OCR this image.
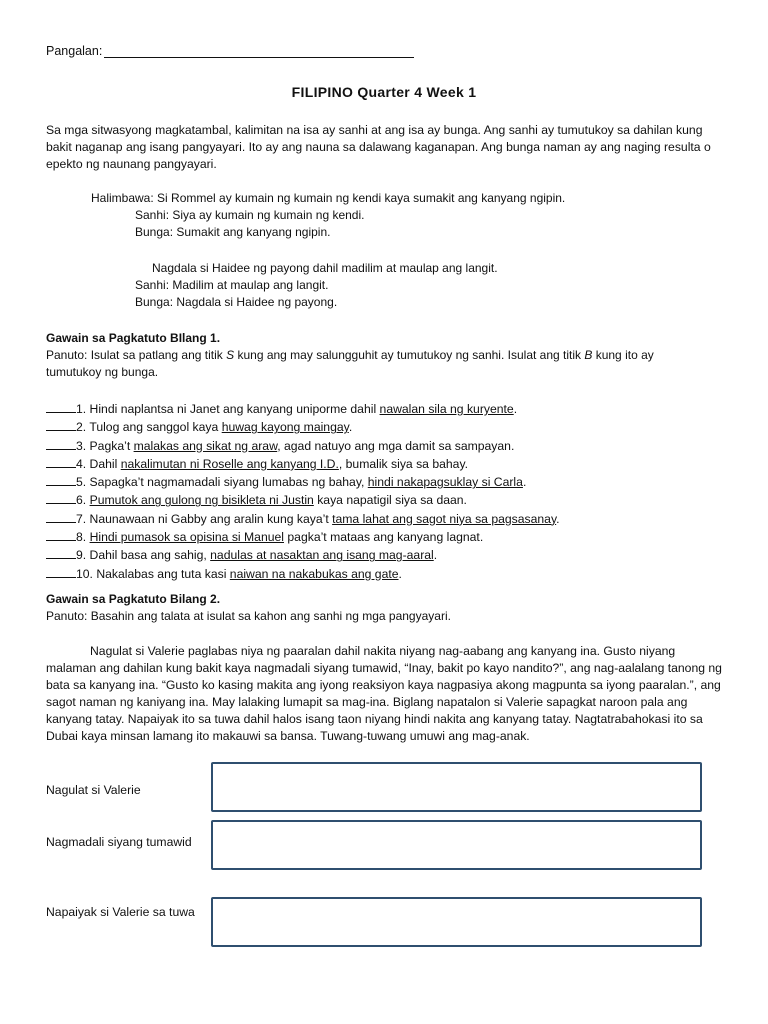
Pangalan:
FILIPINO Quarter 4 Week 1
Sa mga sitwasyong magkatambal, kalimitan na isa ay sanhi at ang isa ay bunga. Ang sanhi ay tumutukoy sa dahilan kung bakit naganap ang isang pangyayari. Ito ay ang nauna sa dalawang kaganapan. Ang bunga naman ay ang naging resulta o epekto ng naunang pangyayari.
Halimbawa: Si Rommel ay kumain ng kumain ng kendi kaya sumakit ang kanyang ngipin.
Sanhi: Siya ay kumain ng kumain ng kendi.
Bunga: Sumakit ang kanyang ngipin.
Nagdala si Haidee ng payong dahil madilim at maulap ang langit.
Sanhi: Madilim at maulap ang langit.
Bunga: Nagdala si Haidee ng payong.
Gawain sa Pagkatuto BIlang 1.
Panuto: Isulat sa patlang ang titik S kung ang may salungguhit ay tumutukoy ng sanhi. Isulat ang titik B kung ito ay
tumutukoy ng bunga.
1. Hindi naplantsa ni Janet ang kanyang uniporme dahil nawalan sila ng kuryente.
2. Tulog ang sanggol kaya huwag kayong maingay.
3. Pagka’t malakas ang sikat ng araw, agad natuyo ang mga damit sa sampayan.
4. Dahil nakalimutan ni Roselle ang kanyang I.D., bumalik siya sa bahay.
5. Sapagka’t nagmamadali siyang lumabas ng bahay, hindi nakapagsuklay si Carla.
6. Pumutok ang gulong ng bisikleta ni Justin kaya napatigil siya sa daan.
7. Naunawaan ni Gabby ang aralin kung kaya’t tama lahat ang sagot niya sa pagsasanay.
8. Hindi pumasok sa opisina si Manuel pagka’t mataas ang kanyang lagnat.
9. Dahil basa ang sahig, nadulas at nasaktan ang isang mag-aaral.
10. Nakalabas ang tuta kasi naiwan na nakabukas ang gate.
Gawain sa Pagkatuto Bilang 2.
Panuto: Basahin ang talata at isulat sa kahon ang sanhi ng mga pangyayari.
Nagulat si Valerie paglabas niya ng paaralan dahil nakita niyang nag-aabang ang kanyang ina. Gusto niyang malaman ang dahilan kung bakit kaya nagmadali siyang tumawid, “Inay, bakit po kayo nandito?”, ang nag-aalalang tanong ng bata sa kanyang ina. “Gusto ko kasing makita ang iyong reaksiyon kaya nagpasiya akong magpunta sa iyong paaralan.”, ang sagot naman ng kaniyang ina. May lalaking lumapit sa mag-ina. Biglang napatalon si Valerie sapagkat naroon pala ang kanyang tatay. Napaiyak ito sa tuwa dahil halos isang taon niyang hindi nakita ang kanyang tatay. Nagtatrabahokasi ito sa Dubai kaya minsan lamang ito makauwi sa bansa. Tuwang-tuwang umuwi ang mag-anak.
Nagulat si Valerie
Nagmadali siyang tumawid
Napaiyak si Valerie sa tuwa
